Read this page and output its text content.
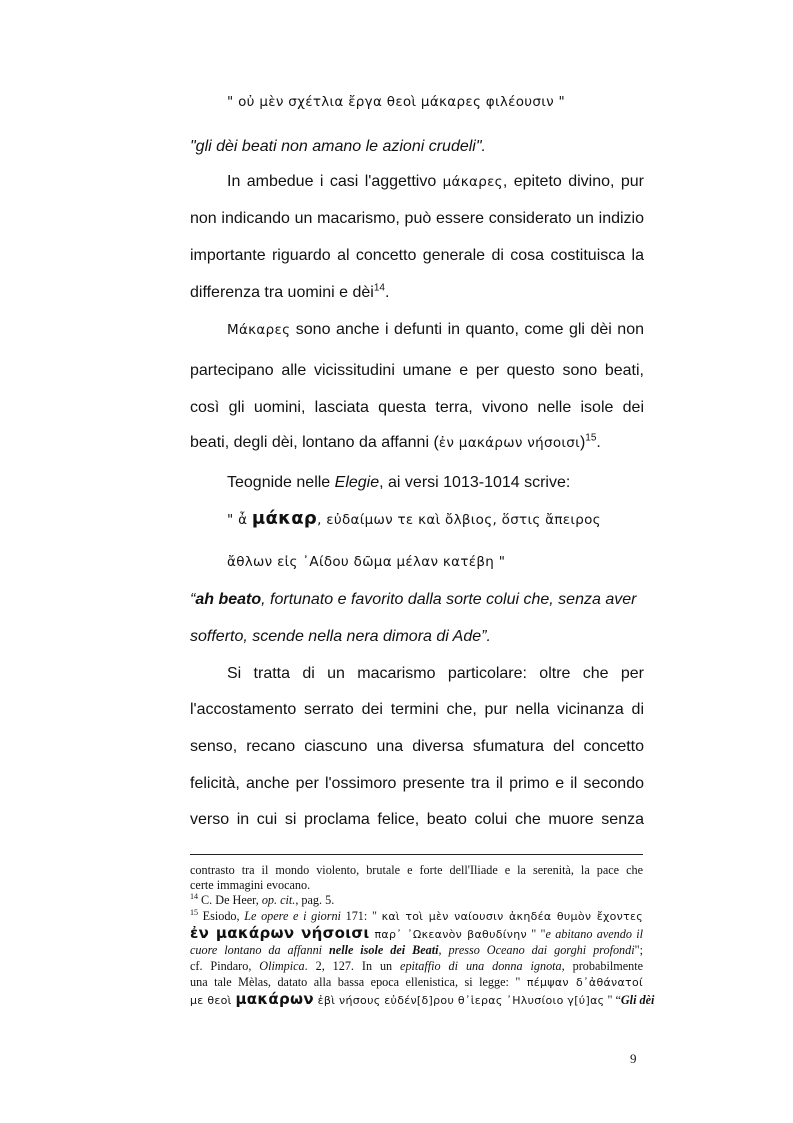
" οὐ μὲν σχέτλια ἔργα θεοὶ μάκαρες φιλέουσιν "
"gli dèi beati non amano le azioni crudeli".
In ambedue i casi l'aggettivo μάκαρες, epiteto divino, pur
non indicando un macarismo, può essere considerato un indizio
importante riguardo al concetto generale di cosa costituisca la
differenza tra uomini e dèi$^{14}$.
Μάκαρες sono anche i defunti in quanto, come gli dèi non
partecipano alle vicissitudini umane e per questo sono beati,
così gli uomini, lasciata questa terra, vivono nelle isole dei
beati, degli dèi, lontano da affanni (ἐν μακάρων νήσοισι)$^{15}$.
Teognide nelle Elegie, ai versi 1013-1014 scrive:
" ἆ μάκαρ, εὐδαίμων τε καὶ ὄλβιος, ὅστις ἄπειρος
ἄθλων εἰς ᾿Αίδου δῶμα μέλαν κατέβη "
“ah beato, fortunato e favorito dalla sorte colui che, senza aver
sofferto, scende nella nera dimora di Ade”.
Si tratta di un macarismo particolare: oltre che per
l'accostamento serrato dei termini che, pur nella vicinanza di
senso, recano ciascuno una diversa sfumatura del concetto
felicità, anche per l'ossimoro presente tra il primo e il secondo
verso in cui si proclama felice, beato colui che muore senza
contrasto tra il mondo violento, brutale e forte dell'Iliade e la serenità, la pace che
certe immagini evocano.
$^{14}$ C. De Heer, op. cit., pag. 5.
$^{15}$ Esiodo, Le opere e i giorni 171: " καὶ τοὶ μὲν ναίουσιν ἀκηδέα θυμὸν ἔχοντες
ἐν μακάρων νήσοισι παρ᾽ ᾿Ωκεανὸν βαθυδίνην " "e abitano avendo il
cuore lontano da affanni nelle isole dei Beati, presso Oceano dai gorghi profondi";
cf. Pindaro, Olimpica. 2, 127. In un epitaffio di una donna ignota, probabilmente
una tale Mèlas, datato alla bassa epoca ellenistica, si legge: " πέμψαν δ᾽ἀθάνατοί
με θεοὶ μακάρων ἐβὶ νήσους εὐδέν[δ]ρου θ᾽ἱερας ᾿Ηλυσίοιο γ[ύ]ας " “Gli dèi
9
